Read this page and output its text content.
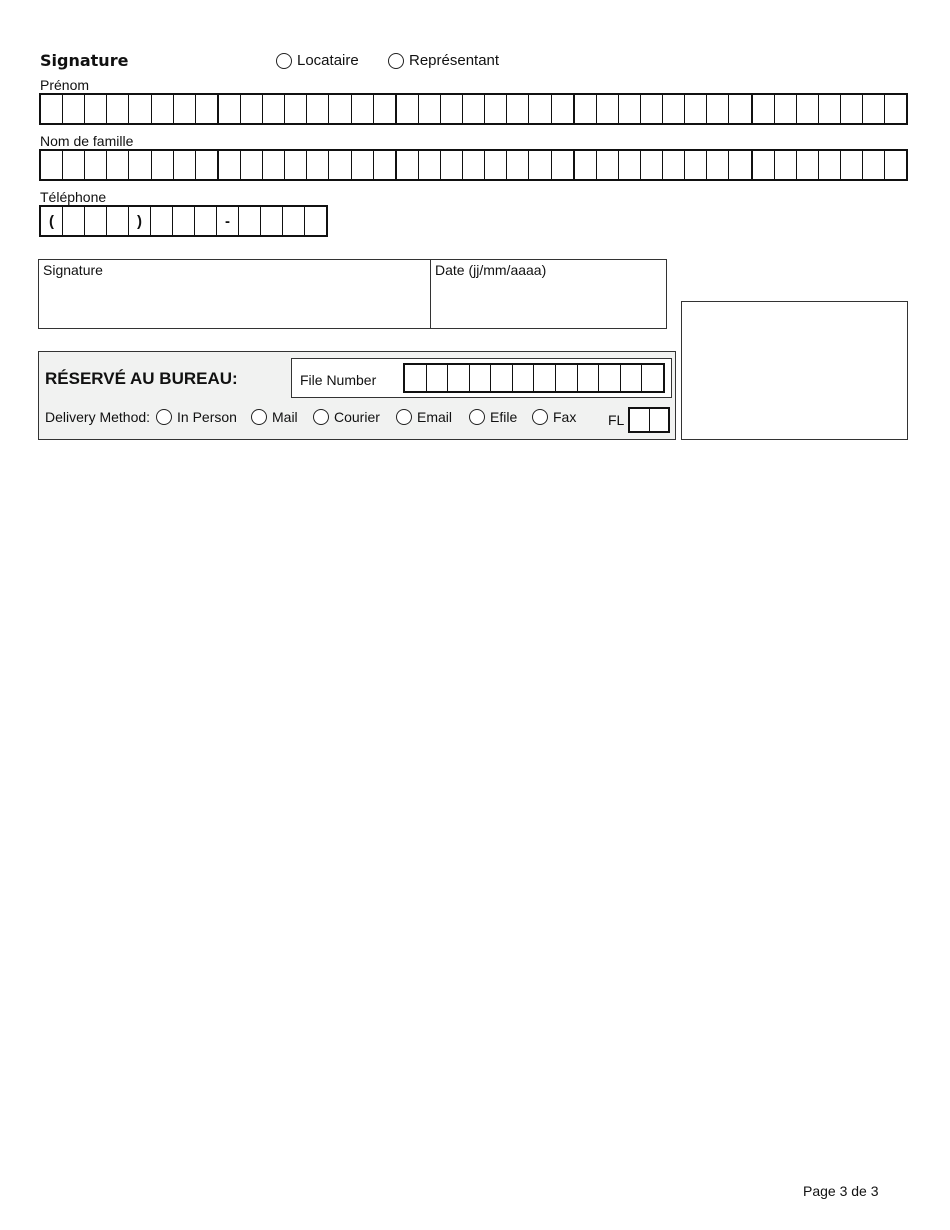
Signature	Locataire	Représentant
Prénom
Nom de famille
Téléphone
(	)	-
Signature	Date (jj/mm/aaaa)
RÉSERVÉ AU BUREAU:	File Number
Delivery Method: In Person	Mail	Courier	Email	Efile	Fax FL
Page 3 de 3
